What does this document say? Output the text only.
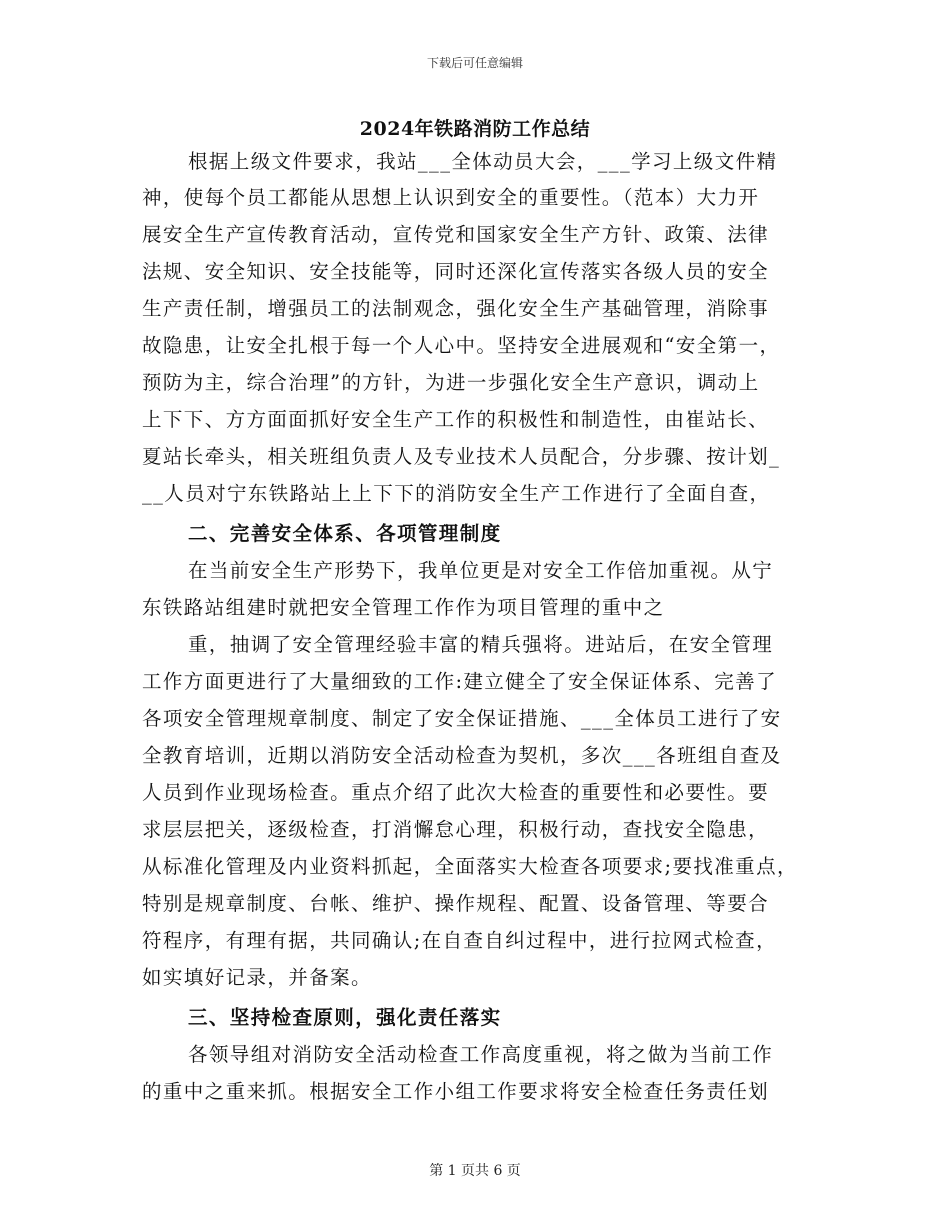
下载后可任意编辑
2024年铁路消防工作总结
根据上级文件要求，我站___全体动员大会，___学习上级文件精
神，使每个员工都能从思想上认识到安全的重要性。（范本）大力开
展安全生产宣传教育活动，宣传党和国家安全生产方针、政策、法律
法规、安全知识、安全技能等，同时还深化宣传落实各级人员的安全
生产责任制，增强员工的法制观念，强化安全生产基础管理，消除事
故隐患，让安全扎根于每一个人心中。坚持安全进展观和“安全第一，
预防为主，综合治理”的方针，为进一步强化安全生产意识，调动上
上下下、方方面面抓好安全生产工作的积极性和制造性，由崔站长、
夏站长牵头，相关班组负责人及专业技术人员配合，分步骤、按计划_
__人员对宁东铁路站上上下下的消防安全生产工作进行了全面自查，
二、完善安全体系、各项管理制度
在当前安全生产形势下，我单位更是对安全工作倍加重视。从宁
东铁路站组建时就把安全管理工作作为项目管理的重中之
重，抽调了安全管理经验丰富的精兵强将。进站后，在安全管理
工作方面更进行了大量细致的工作:建立健全了安全保证体系、完善了
各项安全管理规章制度、制定了安全保证措施、___全体员工进行了安
全教育培训，近期以消防安全活动检查为契机，多次___各班组自查及
人员到作业现场检查。重点介绍了此次大检查的重要性和必要性。要
求层层把关，逐级检查，打消懈怠心理，积极行动，查找安全隐患，
从标准化管理及内业资料抓起，全面落实大检查各项要求;要找准重点，
特别是规章制度、台帐、维护、操作规程、配置、设备管理、等要合
符程序，有理有据，共同确认;在自查自纠过程中，进行拉网式检查，
如实填好记录，并备案。
三、坚持检查原则，强化责任落实
各领导组对消防安全活动检查工作高度重视，将之做为当前工作
的重中之重来抓。根据安全工作小组工作要求将安全检查任务责任划
第 1 页共 6 页
